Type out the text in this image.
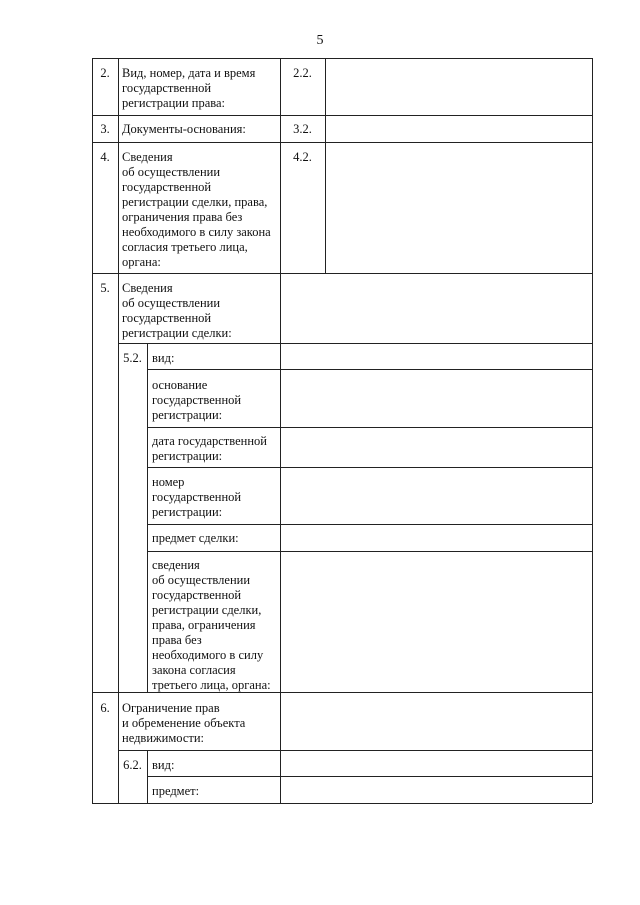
5
2. Вид, номер, дата и время
государственной
регистрации права:
2.2.
3. Документы-основания:	3.2.
4. Сведения
об осуществлении
государственной
регистрации сделки, права,
ограничения права без
необходимого в силу закона
согласия третьего лица,
органа:
4.2.
5. Сведения
об осуществлении
государственной
регистрации сделки:
5.2. вид:
основание
государственной
регистрации:
дата государственной
регистрации:
номер
государственной
регистрации:
предмет сделки:
сведения
об осуществлении
государственной
регистрации сделки,
права, ограничения
права без
необходимого в силу
закона согласия
третьего лица, органа:
6. Ограничение прав
и обременение объекта
недвижимости:
6.2. вид:
предмет:
